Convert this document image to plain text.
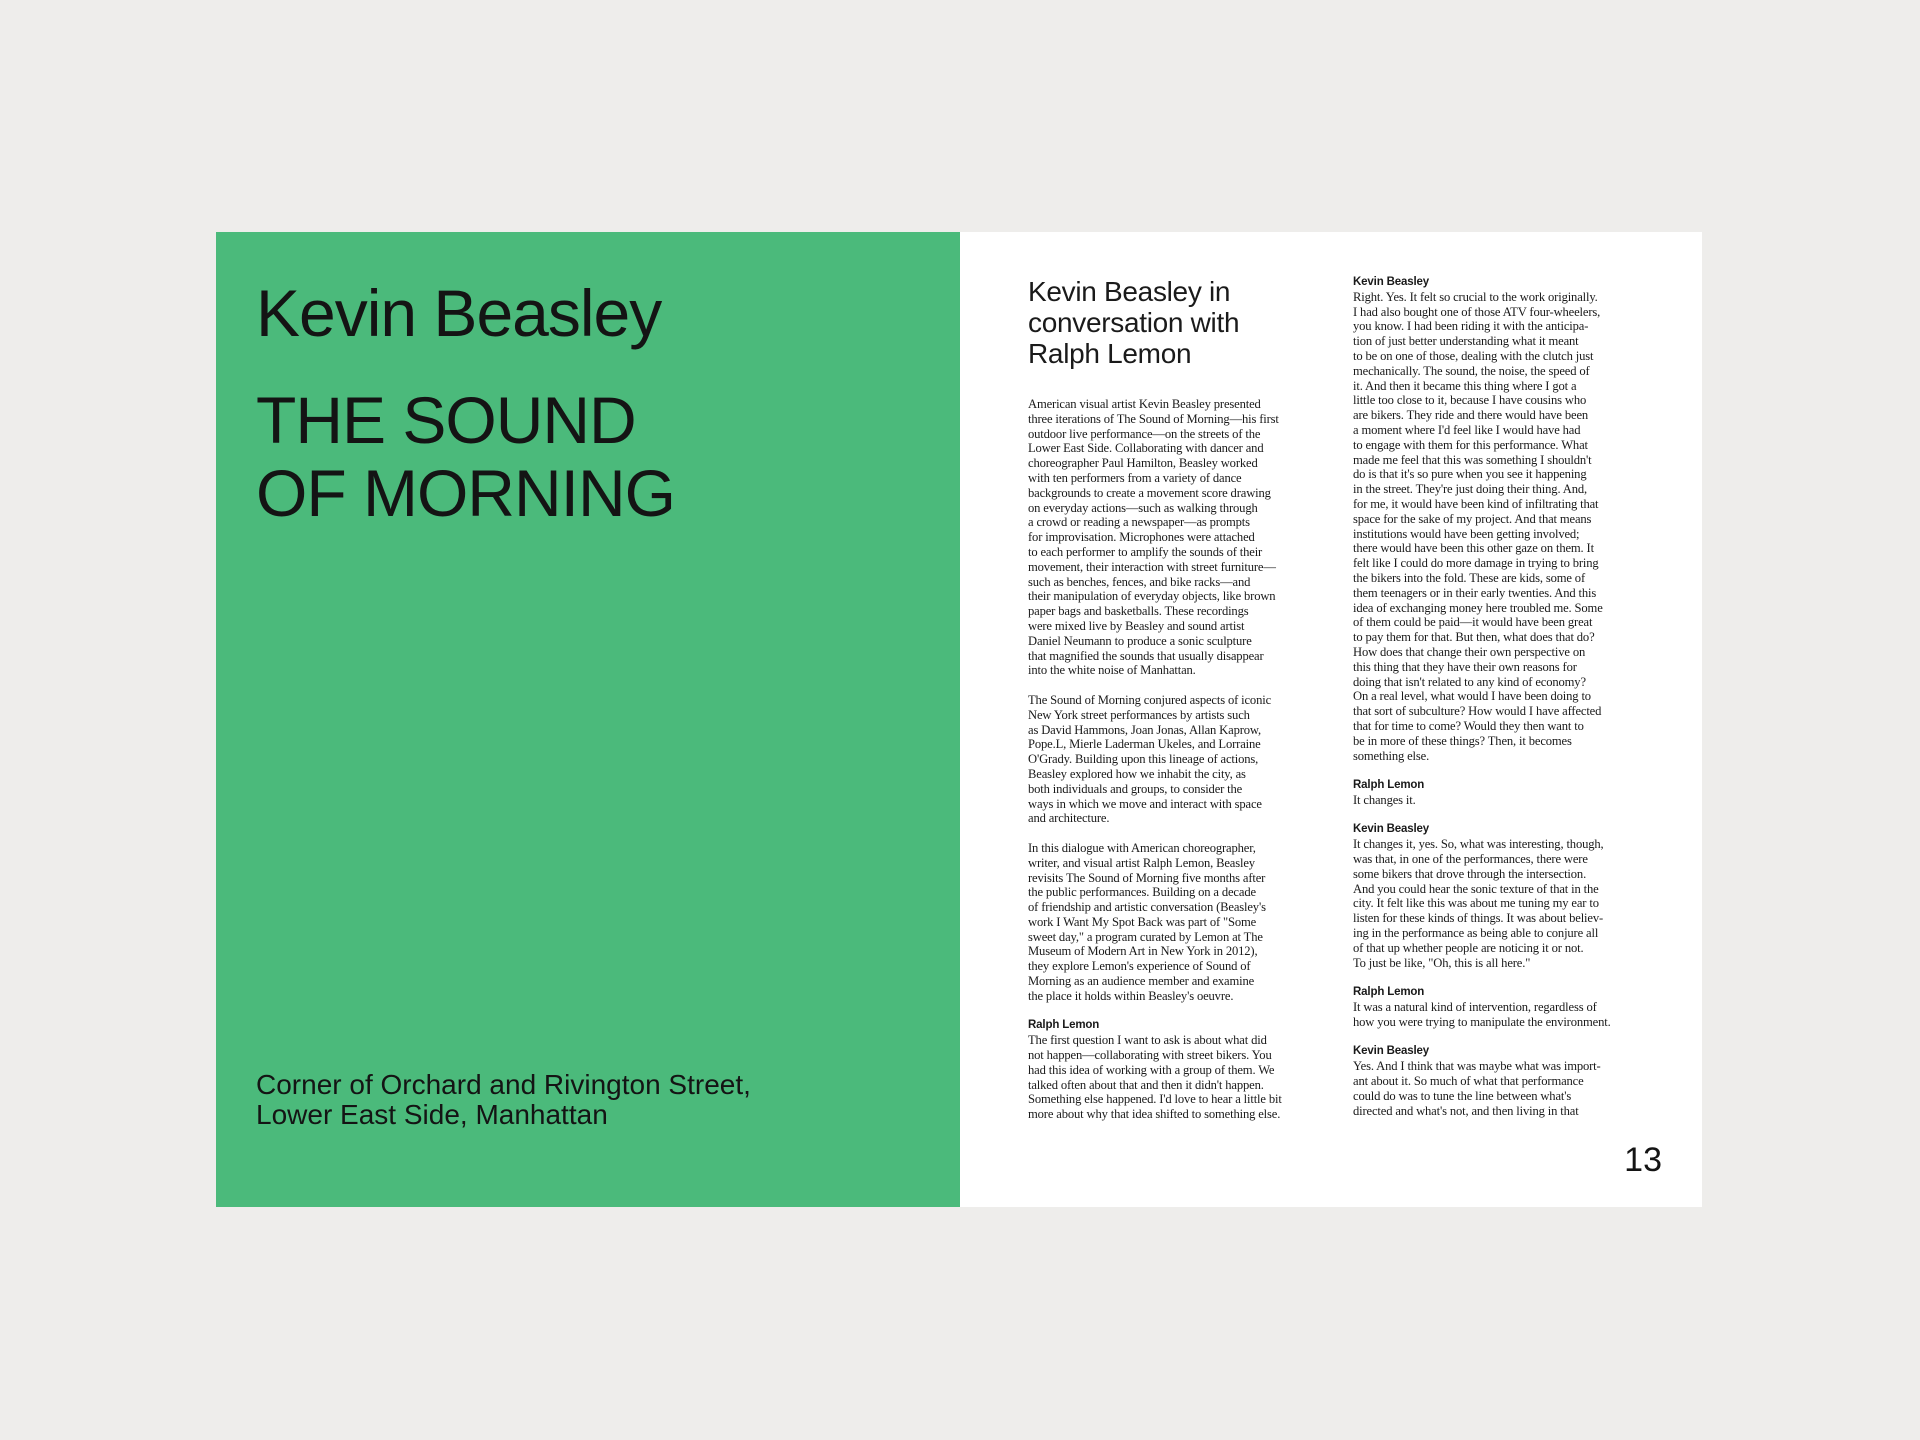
Kevin Beasley
THE SOUND
OF MORNING

Corner of Orchard and Rivington Street,
Lower East Side, Manhattan

Kevin Beasley in
conversation with
Ralph Lemon
American visual artist Kevin Beasley presented
three iterations of The Sound of Morning—his first
outdoor live performance—on the streets of the
Lower East Side. Collaborating with dancer and
choreographer Paul Hamilton, Beasley worked
with ten performers from a variety of dance
backgrounds to create a movement score drawing
on everyday actions—such as walking through
a crowd or reading a newspaper—as prompts
for improvisation. Microphones were attached
to each performer to amplify the sounds of their
movement, their interaction with street furniture—
such as benches, fences, and bike racks—and
their manipulation of everyday objects, like brown
paper bags and basketballs. These recordings
were mixed live by Beasley and sound artist
Daniel Neumann to produce a sonic sculpture
that magnified the sounds that usually disappear
into the white noise of Manhattan.
The Sound of Morning conjured aspects of iconic
New York street performances by artists such
as David Hammons, Joan Jonas, Allan Kaprow,
Pope.L, Mierle Laderman Ukeles, and Lorraine
O'Grady. Building upon this lineage of actions,
Beasley explored how we inhabit the city, as
both individuals and groups, to consider the
ways in which we move and interact with space
and architecture.
In this dialogue with American choreographer,
writer, and visual artist Ralph Lemon, Beasley
revisits The Sound of Morning five months after
the public performances. Building on a decade
of friendship and artistic conversation (Beasley's
work I Want My Spot Back was part of "Some
sweet day," a program curated by Lemon at The
Museum of Modern Art in New York in 2012),
they explore Lemon's experience of Sound of
Morning as an audience member and examine
the place it holds within Beasley's oeuvre.
Ralph Lemon
The first question I want to ask is about what did
not happen—collaborating with street bikers. You
had this idea of working with a group of them. We
talked often about that and then it didn't happen.
Something else happened. I'd love to hear a little bit
more about why that idea shifted to something else.
Kevin Beasley
Right. Yes. It felt so crucial to the work originally.
I had also bought one of those ATV four-wheelers,
you know. I had been riding it with the anticipa-
tion of just better understanding what it meant
to be on one of those, dealing with the clutch just
mechanically. The sound, the noise, the speed of
it. And then it became this thing where I got a
little too close to it, because I have cousins who
are bikers. They ride and there would have been
a moment where I'd feel like I would have had
to engage with them for this performance. What
made me feel that this was something I shouldn't
do is that it's so pure when you see it happening
in the street. They're just doing their thing. And,
for me, it would have been kind of infiltrating that
space for the sake of my project. And that means
institutions would have been getting involved;
there would have been this other gaze on them. It
felt like I could do more damage in trying to bring
the bikers into the fold. These are kids, some of
them teenagers or in their early twenties. And this
idea of exchanging money here troubled me. Some
of them could be paid—it would have been great
to pay them for that. But then, what does that do?
How does that change their own perspective on
this thing that they have their own reasons for
doing that isn't related to any kind of economy?
On a real level, what would I have been doing to
that sort of subculture? How would I have affected
that for time to come? Would they then want to
be in more of these things? Then, it becomes
something else.
Ralph Lemon
It changes it.
Kevin Beasley
It changes it, yes. So, what was interesting, though,
was that, in one of the performances, there were
some bikers that drove through the intersection.
And you could hear the sonic texture of that in the
city. It felt like this was about me tuning my ear to
listen for these kinds of things. It was about believ-
ing in the performance as being able to conjure all
of that up whether people are noticing it or not.
To just be like, "Oh, this is all here."
Ralph Lemon
It was a natural kind of intervention, regardless of
how you were trying to manipulate the environment.
Kevin Beasley
Yes. And I think that was maybe what was import-
ant about it. So much of what that performance
could do was to tune the line between what's
directed and what's not, and then living in that
13
